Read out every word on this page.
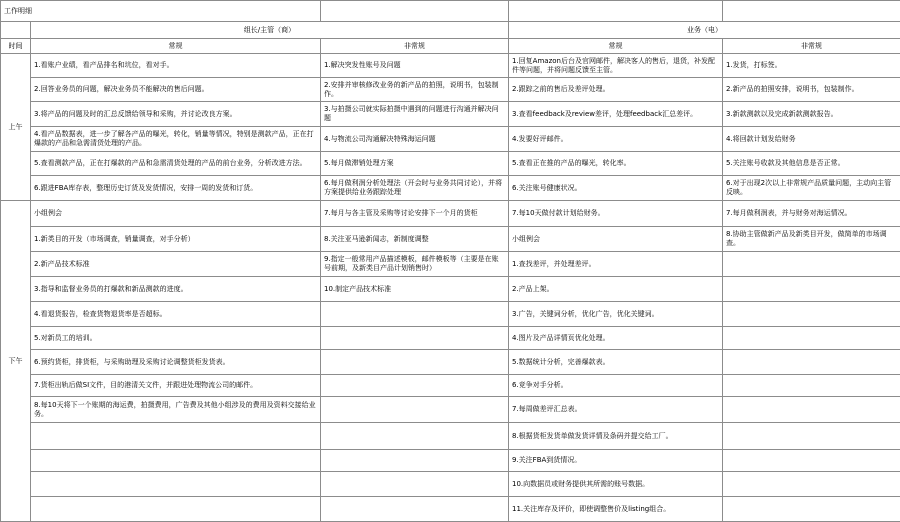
工作明细				
	组长/主管（商）		业务（电）	
时间	常规	非常规	常规	非常规
上午	1.看账户业绩，看产品排名和坑位，看对手。	1.解决突发性账号及问题	1.回复Amazon后台及官网邮件，解决客人的售后，退货，补发配件等问题，并将问题反馈至主管。	1.发货，打标签。
	2.回答业务员的问题，解决业务员不能解决的售后问题。	2.安排并审核修改业务的新产品的拍照，说明书，包装制作。	2.跟踪之前的售后及差评处理。	2.新产品的拍照安排，说明书，包装制作。
	3.将产品的问题及时的汇总反馈给领导和采购，并讨论改良方案。	3.与拍摄公司就实际拍摄中遇到的问题进行沟通并解决问题	3.查看feedback及review差评，处理feedback汇总差评。	3.新款测款以及完成新款测款报告。
	4.看产品数据表，进一步了解各产品的曝光，转化，销量等情况，特别是测款产品，正在打爆款的产品和急需清货处理的产品。	4.与物流公司沟通解决特殊海运问题	4.发要好评邮件。	4.将回款计划发给财务
	5.查看测款产品，正在打爆款的产品和急需清货处理的产品的前台业务，分析改进方法。	5.每月做滞销处理方案	5.查看正在推的产品的曝光，转化率。	5.关注账号收款及其他信息是否正常。
	6.跟进FBA库存表，整理历史订货及发货情况，安排一周的发货和订货。	6.每月做利润分析处理法（开会时与业务共同讨论），并将方案提供给业务跟踪处理	6.关注账号健康状况。	6.对于出现2次以上非常规产品质量问题，主动向主管反映。
下午	小组例会	7.每月与各主管及采购等讨论安排下一个月的货柜	7.每10天做付款计划给财务。	7.每月做利润表，并与财务对海运情况。
	1.新类目的开发（市场调查，销量调查，对手分析）	8.关注亚马逊新闻志，新制度调整	小组例会	8.协助主管做新产品及新类目开发，做简单的市场调查。
	2.新产品技术标准	9.指定一般常用产品描述模板，邮件模板等（主要是在账号前期，及新类目产品计划销售时）	1.查找差评，并处理差评。	
	3.指导和监督业务员的打爆款和新品测款的进度。	10.制定产品技术标准	2.产品上架。	
	4.看退货报告，检查货物退货率是否超标。		3.广告，关键词分析，优化广告，优化关键词。	
	5.对新员工的培训。		4.图片及产品详情页优化处理。	
	6.预约货柜，排货柜，与采购助理及采购讨论调整货柜发货表。		5.数据统计分析，完善爆款表。	
	7.货柜出轨后做SI文件，目的港清关文件，并跟进处理物流公司的邮件。		6.竞争对手分析。	
	8.每10天将下一个账期的海运费，拍摄费用，广告费及其他小组涉及的费用及资料交接给业务。		7.每周做差评汇总表。	
			8.根据货柜发货单做发货详情及条码并提交给工厂。	
			9.关注FBA到货情况。	
			10.向数据员或财务提供其所需的账号数据。	
			11.关注库存及评价，即使调整售价及listing组合。	
